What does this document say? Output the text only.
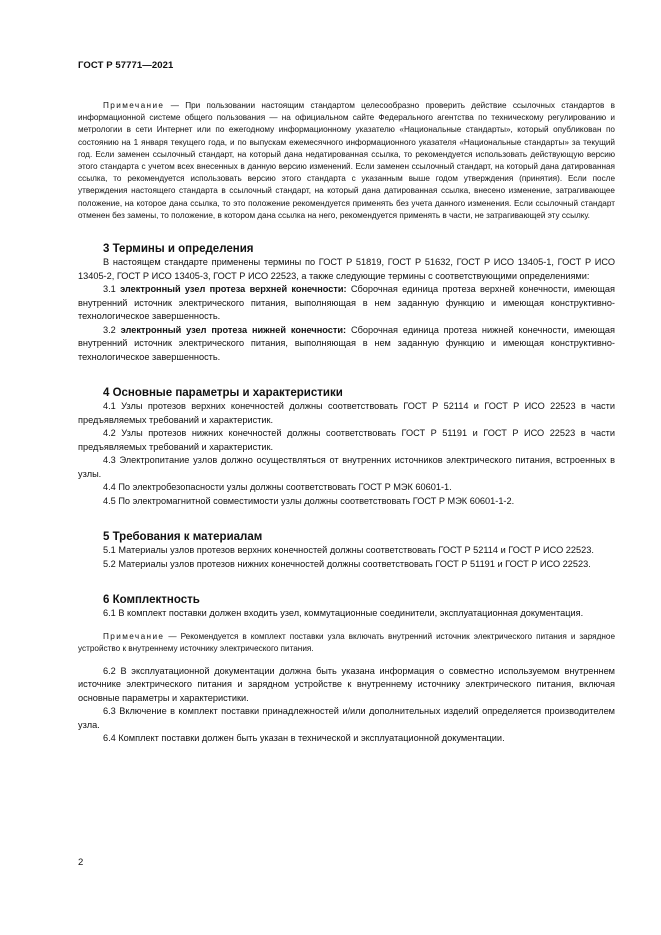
ГОСТ Р 57771—2021

Примечание — При пользовании настоящим стандартом целесообразно проверить действие ссылочных стандартов в информационной системе общего пользования — на официальном сайте Федерального агентства по техническому регулированию и метрологии в сети Интернет или по ежегодному информационному указателю «Национальные стандарты», который опубликован по состоянию на 1 января текущего года, и по выпускам ежемесячного информационного указателя «Национальные стандарты» за текущий год. Если заменен ссылочный стандарт, на который дана недатированная ссылка, то рекомендуется использовать действующую версию этого стандарта с учетом всех внесенных в данную версию изменений. Если заменен ссылочный стандарт, на который дана датированная ссылка, то рекомендуется использовать версию этого стандарта с указанным выше годом утверждения (принятия). Если после утверждения настоящего стандарта в ссылочный стандарт, на который дана датированная ссылка, внесено изменение, затрагивающее положение, на которое дана ссылка, то это положение рекомендуется применять без учета данного изменения. Если ссылочный стандарт отменен без замены, то положение, в котором дана ссылка на него, рекомендуется применять в части, не затрагивающей эту ссылку.

3 Термины и определения

В настоящем стандарте применены термины по ГОСТ Р 51819, ГОСТ Р 51632, ГОСТ Р ИСО 13405-1, ГОСТ Р ИСО 13405-2, ГОСТ Р ИСО 13405-3, ГОСТ Р ИСО 22523, а также следующие термины с соответствующими определениями:

3.1 электронный узел протеза верхней конечности: Сборочная единица протеза верхней конечности, имеющая внутренний источник электрического питания, выполняющая в нем заданную функцию и имеющая конструктивно-технологическое завершенность.

3.2 электронный узел протеза нижней конечности: Сборочная единица протеза нижней конечности, имеющая внутренний источник электрического питания, выполняющая в нем заданную функцию и имеющая конструктивно-технологическое завершенность.

4 Основные параметры и характеристики

4.1 Узлы протезов верхних конечностей должны соответствовать ГОСТ Р 52114 и ГОСТ Р ИСО 22523 в части предъявляемых требований и характеристик.

4.2 Узлы протезов нижних конечностей должны соответствовать ГОСТ Р 51191 и ГОСТ Р ИСО 22523 в части предъявляемых требований и характеристик.

4.3 Электропитание узлов должно осуществляться от внутренних источников электрического питания, встроенных в узлы.

4.4 По электробезопасности узлы должны соответствовать ГОСТ Р МЭК 60601-1.

4.5 По электромагнитной совместимости узлы должны соответствовать ГОСТ Р МЭК 60601-1-2.

5 Требования к материалам

5.1 Материалы узлов протезов верхних конечностей должны соответствовать ГОСТ Р 52114 и ГОСТ Р ИСО 22523.

5.2 Материалы узлов протезов нижних конечностей должны соответствовать ГОСТ Р 51191 и ГОСТ Р ИСО 22523.

6 Комплектность

6.1 В комплект поставки должен входить узел, коммутационные соединители, эксплуатационная документация.

Примечание — Рекомендуется в комплект поставки узла включать внутренний источник электрического питания и зарядное устройство к внутреннему источнику электрического питания.

6.2 В эксплуатационной документации должна быть указана информация о совместно используемом внутреннем источнике электрического питания и зарядном устройстве к внутреннему источнику электрического питания, включая основные параметры и характеристики.

6.3 Включение в комплект поставки принадлежностей и/или дополнительных изделий определяется производителем узла.

6.4 Комплект поставки должен быть указан в технической и эксплуатационной документации.

2
